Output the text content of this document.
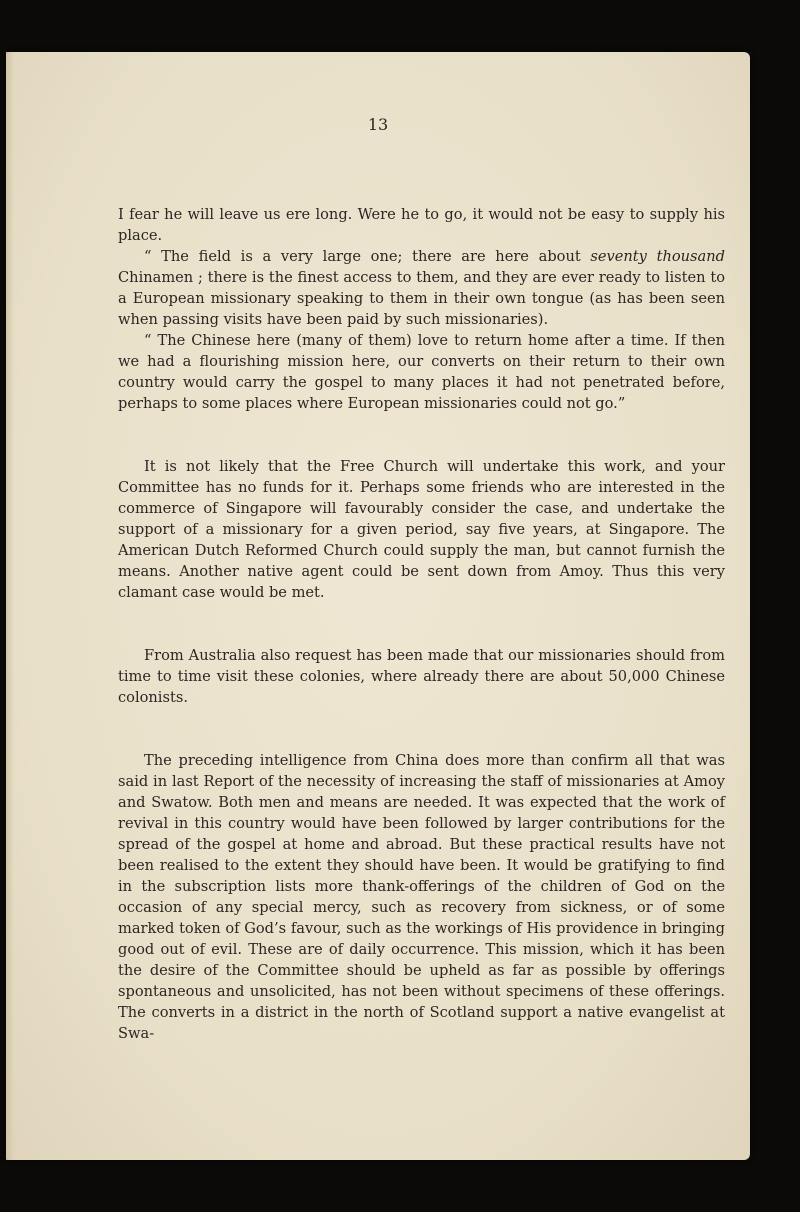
13

I fear he will leave us ere long. Were he to go, it would not be easy to supply his place.

“ The field is a very large one; there are here about seventy thousand Chinamen ; there is the finest access to them, and they are ever ready to listen to a European missionary speaking to them in their own tongue (as has been seen when passing visits have been paid by such missionaries).

“ The Chinese here (many of them) love to return home after a time. If then we had a flourishing mission here, our converts on their return to their own country would carry the gospel to many places it had not penetrated before, perhaps to some places where European missionaries could not go.”

It is not likely that the Free Church will undertake this work, and your Committee has no funds for it. Perhaps some friends who are interested in the commerce of Singapore will favourably consider the case, and undertake the support of a missionary for a given period, say five years, at Singapore. The American Dutch Reformed Church could supply the man, but cannot furnish the means. Another native agent could be sent down from Amoy. Thus this very clamant case would be met.

From Australia also request has been made that our missionaries should from time to time visit these colonies, where already there are about 50,000 Chinese colonists.

The preceding intelligence from China does more than confirm all that was said in last Report of the necessity of increasing the staff of missionaries at Amoy and Swatow. Both men and means are needed. It was expected that the work of revival in this country would have been followed by larger contributions for the spread of the gospel at home and abroad. But these practical results have not been realised to the extent they should have been. It would be gratifying to find in the subscription lists more thank-offerings of the children of God on the occasion of any special mercy, such as recovery from sickness, or of some marked token of God’s favour, such as the workings of His providence in bringing good out of evil. These are of daily occurrence. This mission, which it has been the desire of the Committee should be upheld as far as possible by offerings spontaneous and unsolicited, has not been without specimens of these offerings. The converts in a district in the north of Scotland support a native evangelist at Swa-
